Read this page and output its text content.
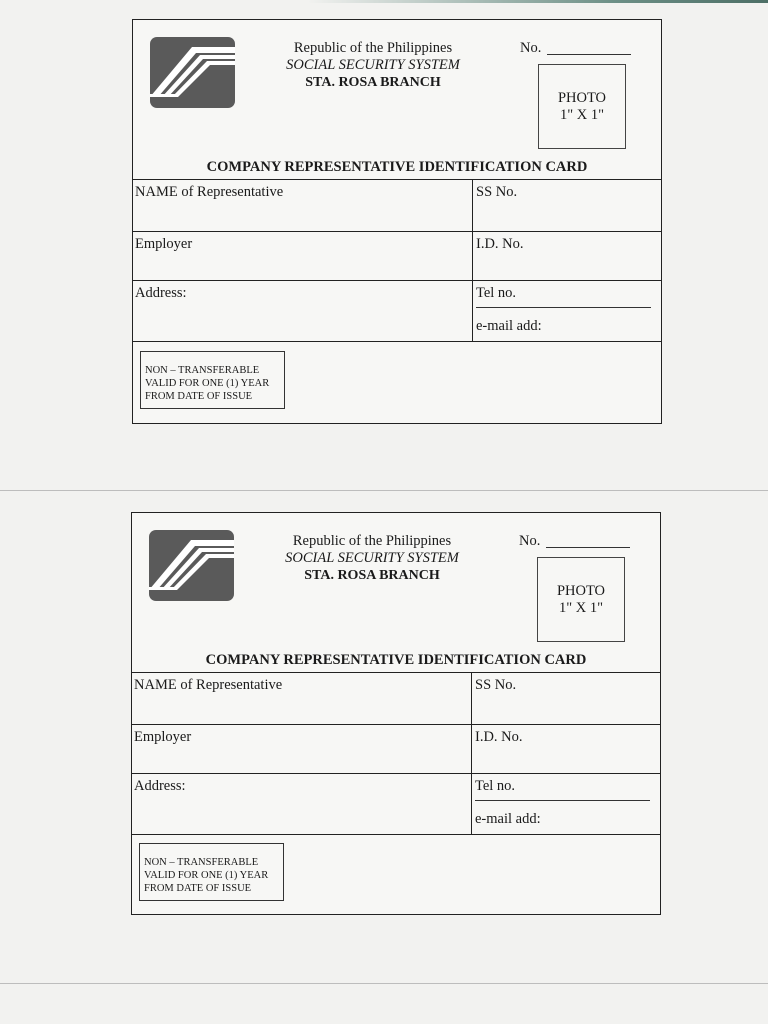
Republic of the Philippines
SOCIAL SECURITY SYSTEM
STA. ROSA BRANCH
No.
PHOTO
1" X 1"
COMPANY REPRESENTATIVE IDENTIFICATION CARD
NAME of Representative	SS No.
Employer	I.D. No.
Address:	Tel no.
e-mail add:
NON – TRANSFERABLE
VALID FOR ONE (1) YEAR
FROM DATE OF ISSUE
Republic of the Philippines
SOCIAL SECURITY SYSTEM
STA. ROSA BRANCH
No.
PHOTO
1" X 1"
COMPANY REPRESENTATIVE IDENTIFICATION CARD
NAME of Representative	SS No.
Employer	I.D. No.
Address:	Tel no.
e-mail add:
NON – TRANSFERABLE
VALID FOR ONE (1) YEAR
FROM DATE OF ISSUE
